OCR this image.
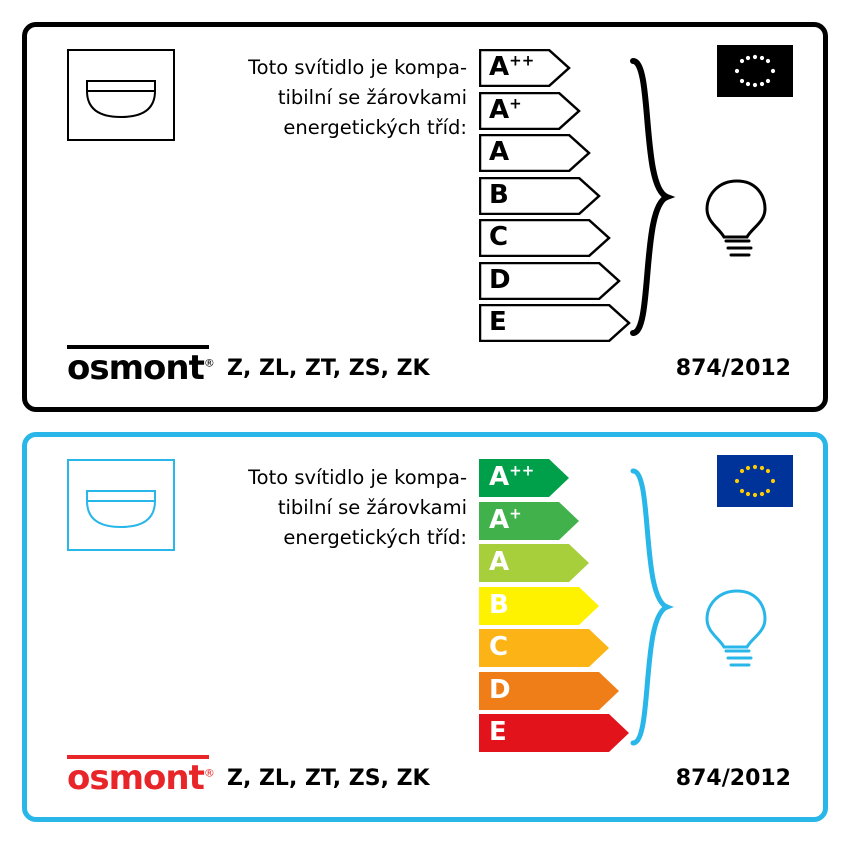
Toto svítidlo je kompa-
tibilní se žárovkami
energetických tříd:
A++
A+
A
B
C
D
E
osmont® Z, ZL, ZT, ZS, ZK	874/2012
Toto svítidlo je kompa-
tibilní se žárovkami
energetických tříd:
A++
A+
A
B
C
D
E
osmont® Z, ZL, ZT, ZS, ZK	874/2012
